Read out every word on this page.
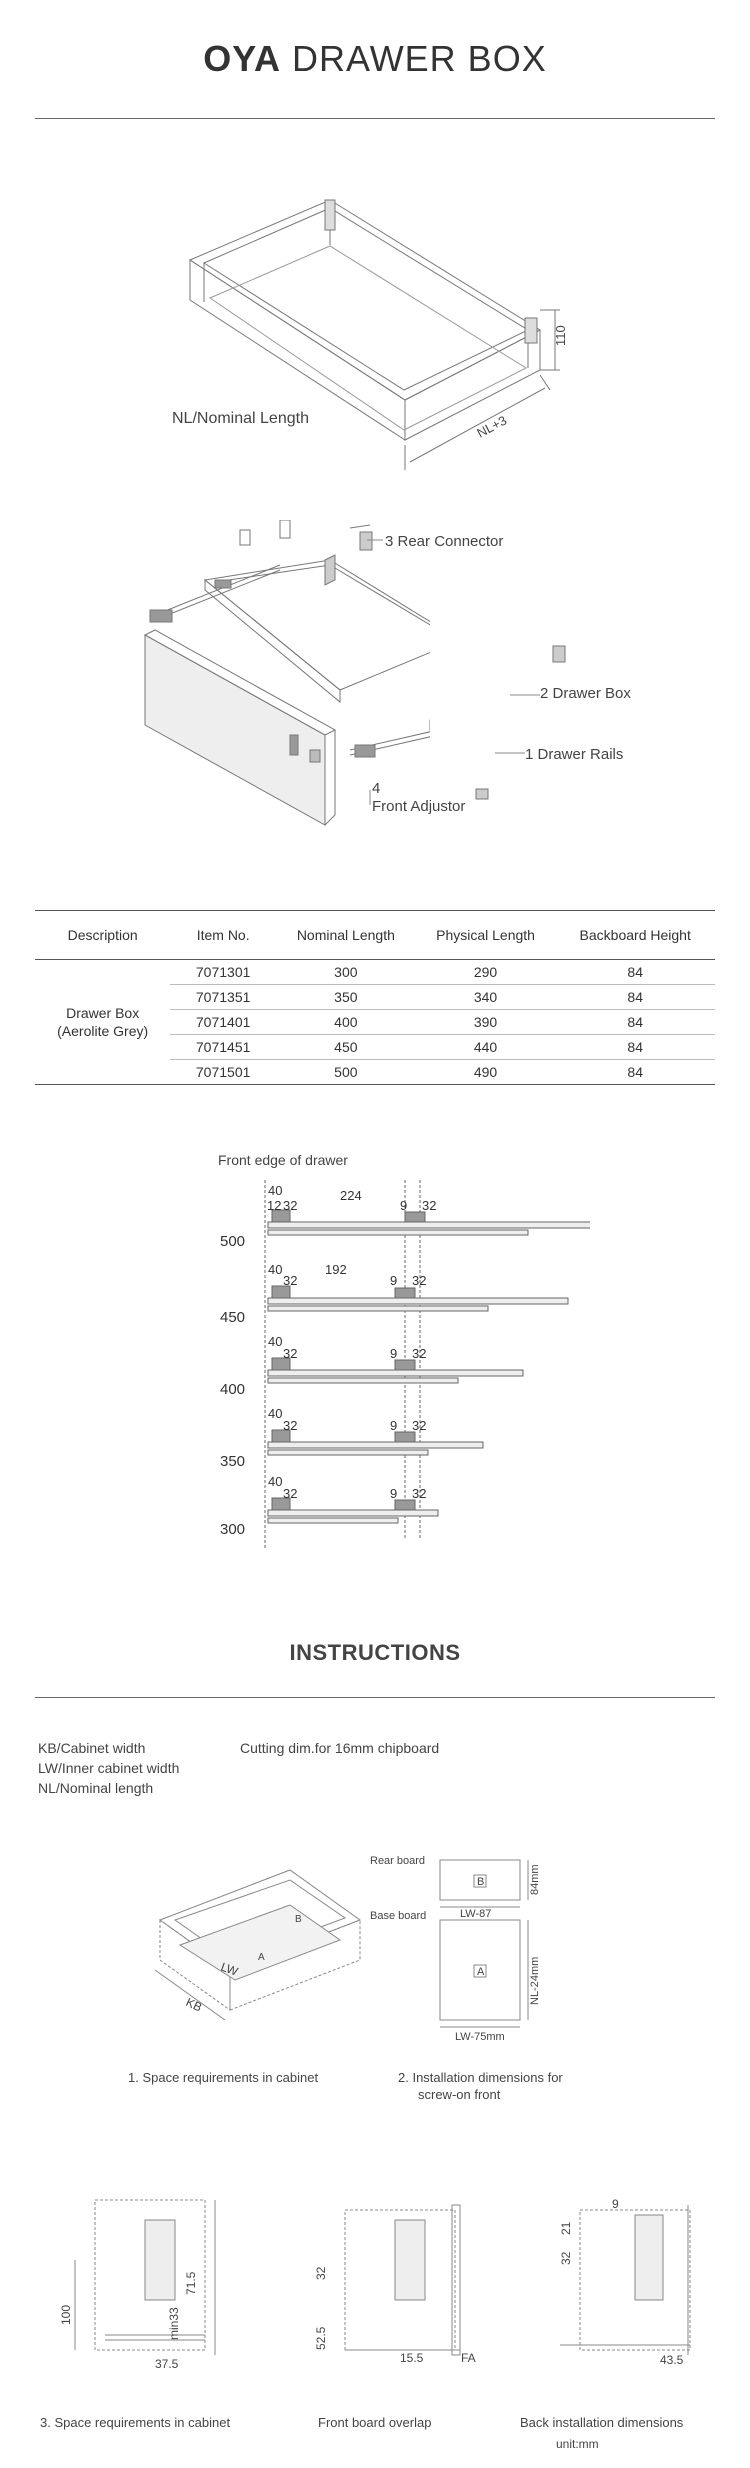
OYA DRAWER BOX
110
NL+3
NL/Nominal Length
3 Rear Connector
2 Drawer Box
1 Drawer Rails
4
Front Adjustor
Description	Item No.	Nominal Length	Physical Length	Backboard Height

Drawer Box
(Aerolite Grey)	7071301	300	290	84
	7071351	350	340	84
	7071401	400	390	84
	7071451	450	440	84
	7071501	500	490	84
Front edge of drawer
40	224
9 32
12 32
40	192
32	9 32
40
32	9 32
40
32	9 32
40
32	9 32
500
450
400
350
300
INSTRUCTIONS
KB/Cabinet width
LW/Inner cabinet width
NL/Nominal length
Cutting dim.for 16mm chipboard
LW
KB
A
B
Rear board
Base board
B
A
LW-87
LW-75mm
84mm
NL-24mm
1. Space requirements in cabinet	2. Installation dimensions for
screw-on front
100
71.5
min33
37.5
52.5
32
15.5	FA
9
32
21
43.5
3. Space requirements in cabinet	Front board overlap	Back installation dimensions
unit:mm
